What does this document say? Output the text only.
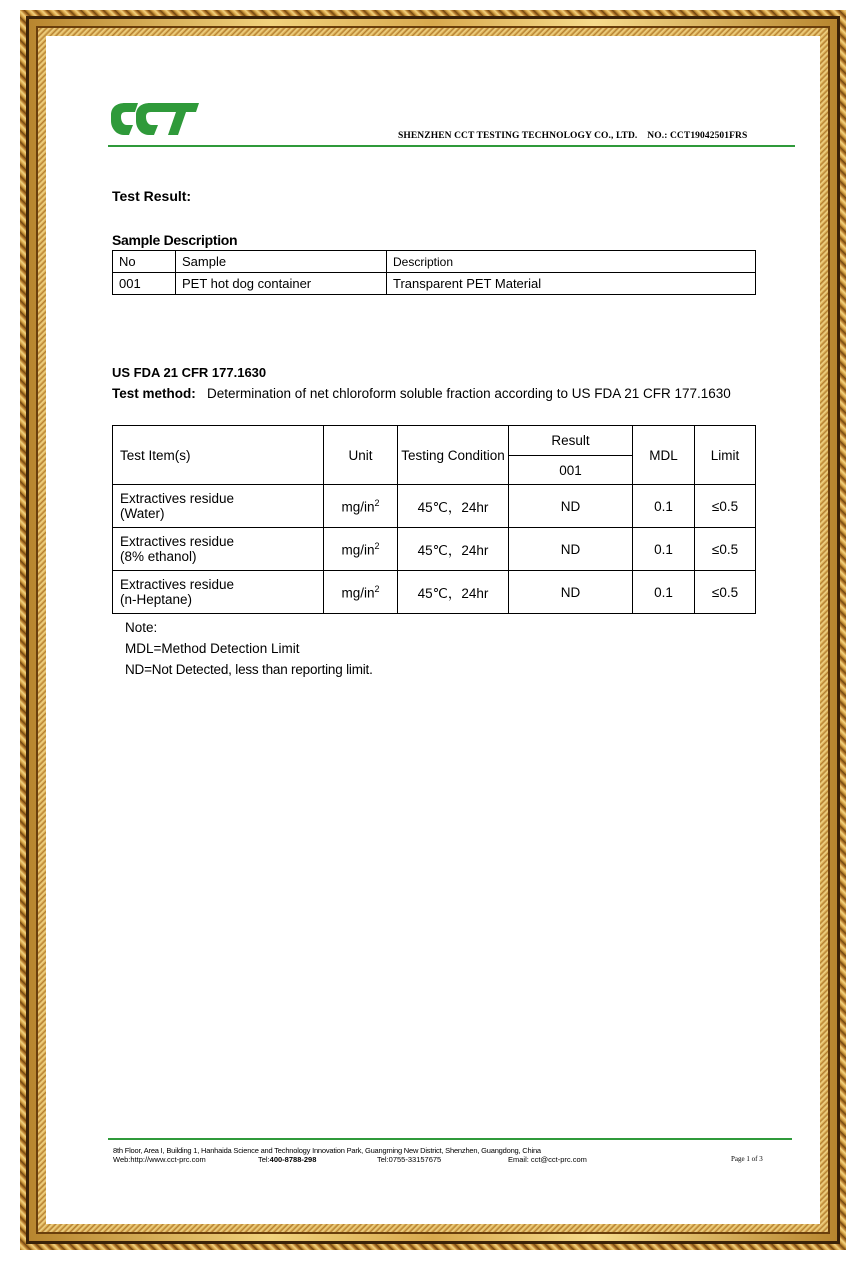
SHENZHEN CCT TESTING TECHNOLOGY CO., LTD. NO.: CCT19042501FRS
Test Result:
Sample Description
No	Sample	Description
001	PET hot dog container	Transparent PET Material
US FDA 21 CFR 177.1630
Test method: Determination of net chloroform soluble fraction according to US FDA 21 CFR 177.1630
Test Item(s)	Unit	Testing Condition	Result	MDL	Limit
			001		

Extractives residue
(Water)	$mg/in^2$	45℃，24hr	ND	0.1	≤0.5

Extractives residue
(8% ethanol)	$mg/in^2$	45℃，24hr	ND	0.1	≤0.5

Extractives residue
(n-Heptane)	$mg/in^2$	45℃，24hr	ND	0.1	≤0.5
Note:
MDL=Method Detection Limit
ND=Not Detected, less than reporting limit.
8th Floor, Area I, Building 1, Hanhaida Science and Technology Innovation Park, Guangming New District, Shenzhen, Guangdong, China
Web:http://www.cct-prc.com	Tel:400-8788-298	Tel:0755-33157675	Email: cct@cct-prc.com	Page 1 of 3
